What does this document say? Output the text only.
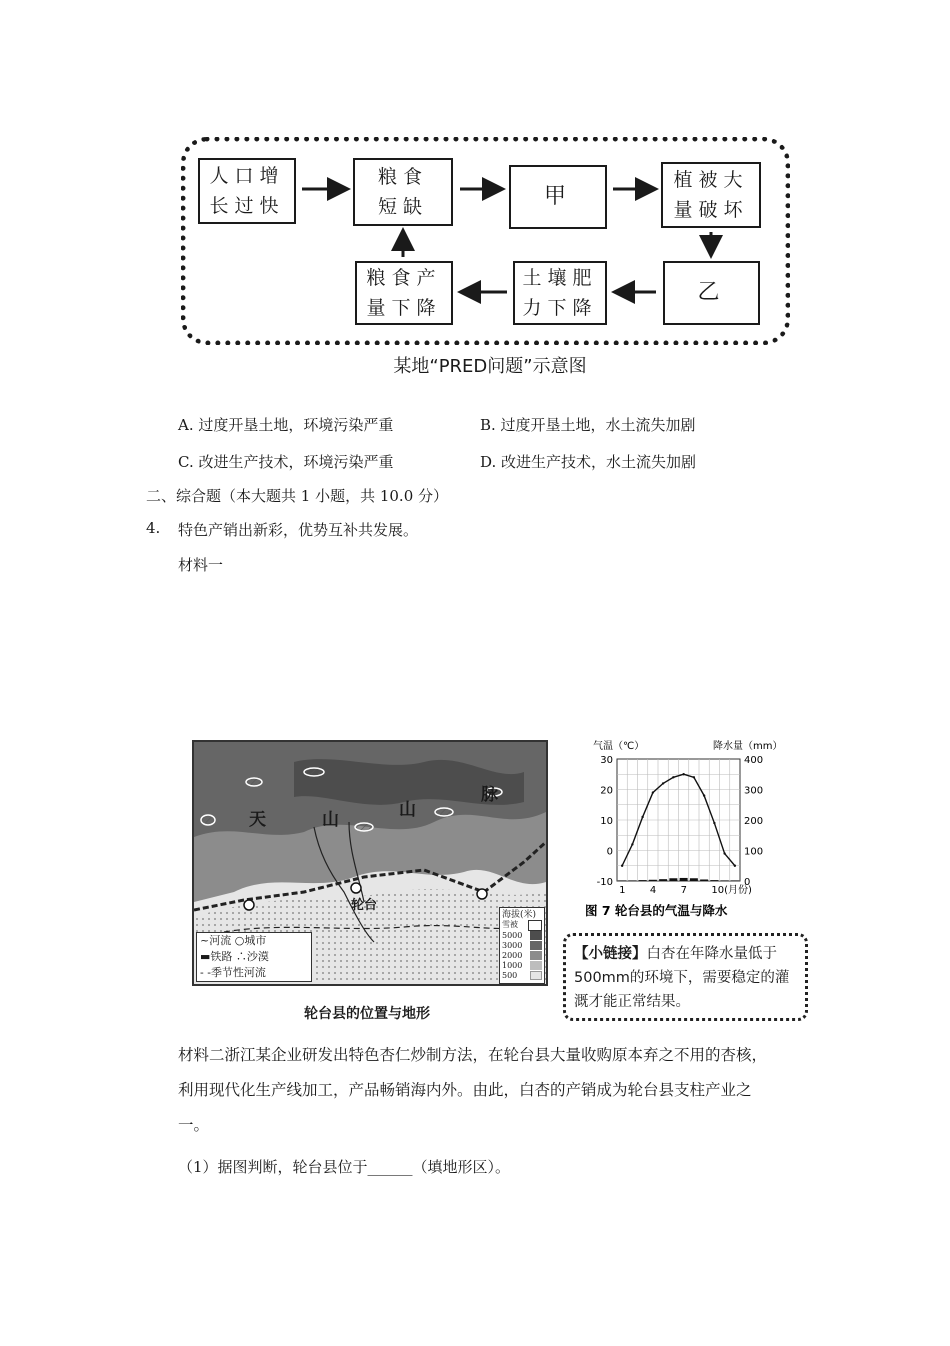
人口增
长过快
粮食
短缺	甲
植被大
量破坏
乙
土壤肥
力下降
粮食产
量下降
某地“PRED问题”示意图
A. 过度开垦土地，环境污染严重	B. 过度开垦土地，水土流失加剧
C. 改进生产技术，环境污染严重	D. 改进生产技术，水土流失加剧
二、综合题（本大题共 1 小题，共 10.0 分）
4. 特色产销出新彩，优势互补共发展。
材料一
天	山	山
脉
轮台
~河流 ○城市
▬铁路 ∴沙漠
- -季节性河流
海拔(米)
雪被
5000
3000
2000
1000
500
轮台县的位置与地形
气温（℃）	降水量（mm）
30
20
10
0
-10
400
300
200
100
0
1 4 7 10(月份)
图 7 轮台县的气温与降水
【小链接】白杏在年降水量低于500mm的环境下，需要稳定的灌溉才能正常结果。
材料二浙江某企业研发出特色杏仁炒制方法，在轮台县大量收购原本弃之不用的杏核，
利用现代化生产线加工，产品畅销海内外。由此，白杏的产销成为轮台县支柱产业之
一。
（1）据图判断，轮台县位于______（填地形区）。
